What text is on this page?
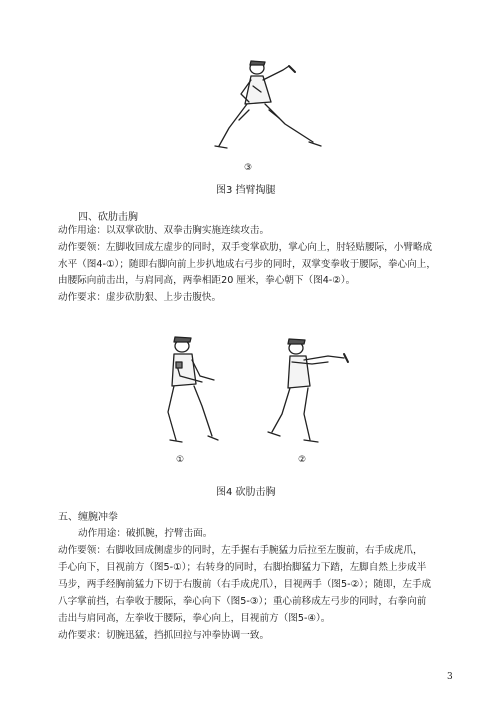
③
图3 挡臂掏腿
四、砍肋击胸
动作用途：以双掌砍肋、双拳击胸实施连续攻击。
动作要领：左脚收回成左虚步的同时，双手变掌砍肋，掌心向上，肘轻贴腰际，小臂略成
水平（图4-①）；随即右脚向前上步扒地成右弓步的同时，双掌变拳收于腰际，拳心向上，
由腰际向前击出，与肩同高，两拳相距20 厘米，拳心朝下（图4-②）。
动作要求：虚步砍肋狠、上步击腹快。
①	②
图4 砍肋击胸
五、缠腕冲拳
动作用途：破抓腕，拧臂击面。
动作要领：右脚收回成侧虚步的同时，左手握右手腕猛力后拉至左腹前，右手成虎爪，
手心向下，目视前方（图5-①）；右转身的同时，右脚抬脚猛力下踏，左脚自然上步成半
马步，两手经胸前猛力下切于右腹前（右手成虎爪），目视两手（图5-②）；随即，左手成
八字掌前挡，右拳收于腰际，拳心向下（图5-③）；重心前移成左弓步的同时，右拳向前
击出与肩同高，左拳收于腰际，拳心向上，目视前方（图5-④）。
动作要求：切腕迅猛，挡抓回拉与冲拳协调一致。
3
